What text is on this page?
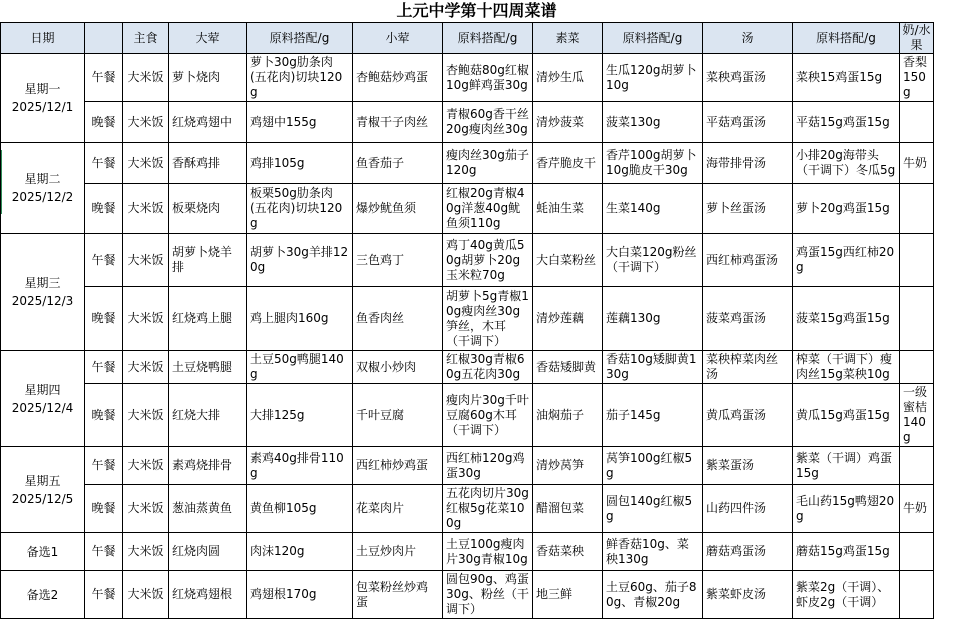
上元中学第十四周菜谱
日期		主食	大荤	原料搭配/g	小荤	原料搭配/g	素菜	原料搭配/g	汤	原料搭配/g	奶/水果

星期一
2025/12/1	午餐	大米饭	萝卜烧肉	萝卜30g肋条肉(五花肉)切块120g	杏鲍菇炒鸡蛋	杏鲍菇80g红椒10g鲜鸡蛋30g	清炒生瓜	生瓜120g胡萝卜10g	菜秧鸡蛋汤	菜秧15鸡蛋15g	香梨150g
	晚餐	大米饭	红烧鸡翅中	鸡翅中155g	青椒干子肉丝	青椒60g香干丝20g瘦肉丝30g	清炒菠菜	菠菜130g	平菇鸡蛋汤	平菇15g鸡蛋15g	

星期二
2025/12/2	午餐	大米饭	香酥鸡排	鸡排105g	鱼香茄子	瘦肉丝30g茄子120g	香芹脆皮干	香芹100g胡萝卜10g脆皮干30g	海带排骨汤	小排20g海带头（干调下）冬瓜5g	牛奶
	晚餐	大米饭	板栗烧肉	板栗50g肋条肉(五花肉)切块120g	爆炒鱿鱼须	红椒20g青椒40g洋葱40g鱿鱼须110g	蚝油生菜	生菜140g	萝卜丝蛋汤	萝卜20g鸡蛋15g	

星期三
2025/12/3	午餐	大米饭	胡萝卜烧羊排	胡萝卜30g羊排120g	三色鸡丁	鸡丁40g黄瓜50g胡萝卜20g玉米粒70g	大白菜粉丝	大白菜120g粉丝（干调下）	西红柿鸡蛋汤	鸡蛋15g西红柿20g	
	晚餐	大米饭	红烧鸡上腿	鸡上腿肉160g	鱼香肉丝	胡萝卜5g青椒10g瘦肉丝30g笋丝，木耳（干调下）	清炒莲藕	莲藕130g	菠菜鸡蛋汤	菠菜15g鸡蛋15g	

星期四
2025/12/4	午餐	大米饭	土豆烧鸭腿	土豆50g鸭腿140g	双椒小炒肉	红椒30g青椒60g五花肉30g	香菇矮脚黄	香菇10g矮脚黄130g	菜秧榨菜肉丝汤	榨菜（干调下）瘦肉丝15g菜秧10g	
	晚餐	大米饭	红烧大排	大排125g	千叶豆腐	瘦肉片30g千叶豆腐60g木耳（干调下）	油焖茄子	茄子145g	黄瓜鸡蛋汤	黄瓜15g鸡蛋15g	一级蜜桔140g

星期五
2025/12/5	午餐	大米饭	素鸡烧排骨	素鸡40g排骨110g	西红柿炒鸡蛋	西红柿120g鸡蛋30g	清炒莴笋	莴笋100g红椒5g	紫菜蛋汤	紫菜（干调）鸡蛋15g	
	晚餐	大米饭	葱油蒸黄鱼	黄鱼柳105g	花菜肉片	五花肉切片30g红椒5g花菜100g	醋溜包菜	圆包140g红椒5g	山药四件汤	毛山药15g鸭翅20g	牛奶

备选1	午餐	大米饭	红烧肉圆	肉沫120g	土豆炒肉片	土豆100g瘦肉片30g青椒10g	香菇菜秧	鲜香菇10g、菜秧130g	蘑菇鸡蛋汤	蘑菇15g鸡蛋15g	

备选2	午餐	大米饭	红烧鸡翅根	鸡翅根170g	包菜粉丝炒鸡蛋	圆包90g、鸡蛋30g、粉丝（干调下）	地三鲜	土豆60g、茄子80g、青椒20g	紫菜虾皮汤	紫菜2g（干调）、虾皮2g（干调）	
